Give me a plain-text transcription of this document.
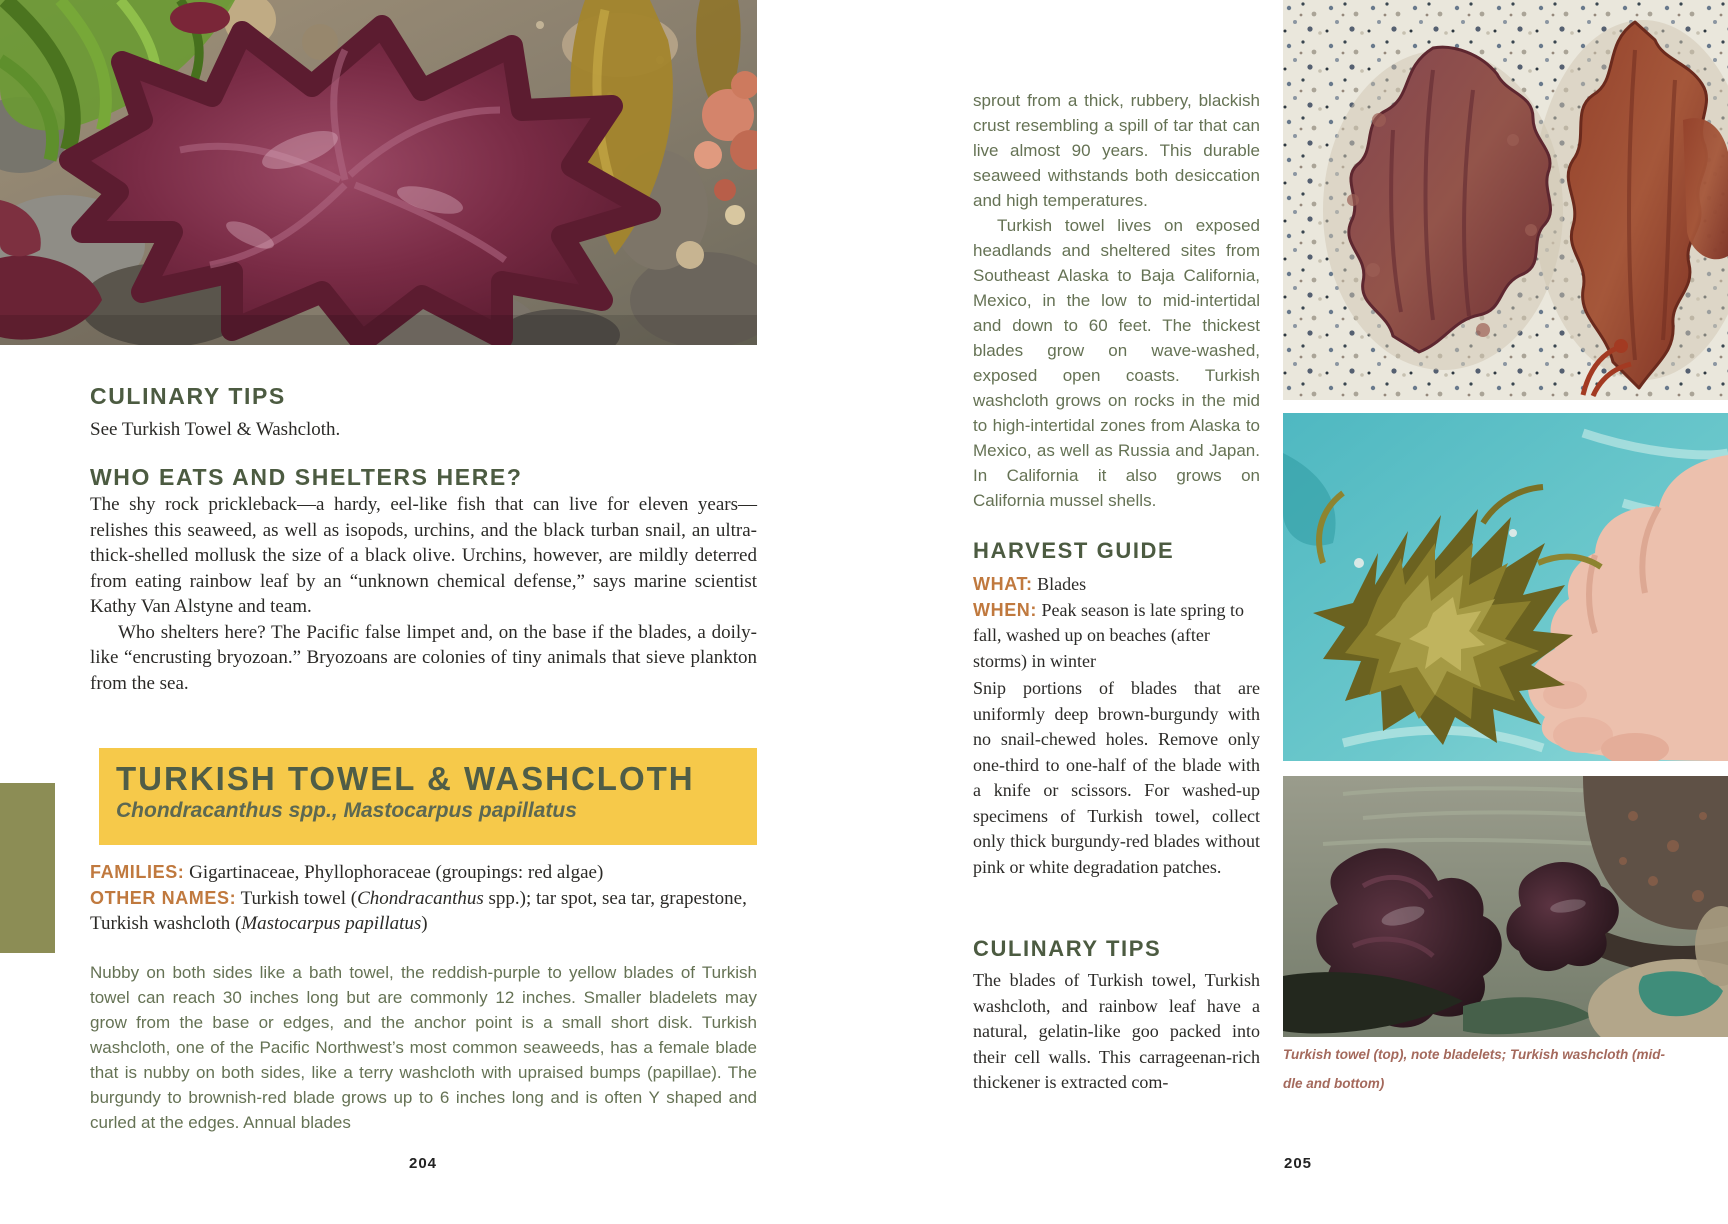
CULINARY TIPS
See Turkish Towel & Washcloth.
WHO EATS AND SHELTERS HERE?

The shy rock prickleback—a hardy, eel-like fish that can live for eleven years—relishes this seaweed, as well as isopods, urchins, and the black turban snail, an ultra-thick-shelled mollusk the size of a black olive. Urchins, however, are mildly deterred from eating rainbow leaf by an “unknown chemical defense,” says marine scientist Kathy Van Alstyne and team.

Who shelters here? The Pacific false limpet and, on the base if the blades, a doily-like “encrusting bryozoan.” Bryozoans are colonies of tiny animals that sieve plankton from the sea.

TURKISH TOWEL & WASHCLOTH
Chondracanthus spp., Mastocarpus papillatus

FAMILIES: Gigartinaceae, Phyllophoraceae (groupings: red algae)

OTHER NAMES: Turkish towel (Chondracanthus spp.); tar spot, sea tar, grapestone, Turkish washcloth (Mastocarpus papillatus)

Nubby on both sides like a bath towel, the reddish-purple to yellow blades of Turkish towel can reach 30 inches long but are commonly 12 inches. Smaller bladelets may grow from the base or edges, and the anchor point is a small short disk. Turkish washcloth, one of the Pacific Northwest’s most common seaweeds, has a female blade that is nubby on both sides, like a terry washcloth with upraised bumps (papillae). The burgundy to brownish-red blade grows up to 6 inches long and is often Y shaped and curled at the edges. Annual blades
204

sprout from a thick, rubbery, blackish crust resembling a spill of tar that can live almost 90 years. This durable seaweed withstands both desiccation and high temperatures.

Turkish towel lives on exposed headlands and sheltered sites from Southeast Alaska to Baja California, Mexico, in the low to mid-intertidal and down to 60 feet. The thickest blades grow on wave-washed, exposed open coasts. Turkish washcloth grows on rocks in the mid to high-intertidal zones from Alaska to Mexico, as well as Russia and Japan. In California it also grows on California mussel shells.

HARVEST GUIDE

WHAT: Blades

WHEN: Peak season is late spring to fall, washed up on beaches (after storms) in winter

Snip portions of blades that are uniformly deep brown-burgundy with no snail-chewed holes. Remove only one-third to one-half of the blade with a knife or scissors. For washed-up specimens of Turkish towel, collect only thick burgundy-red blades without pink or white degradation patches.
CULINARY TIPS
The blades of Turkish towel, Turkish washcloth, and rainbow leaf have a natural, gelatin-like goo packed into their cell walls. This carrageenan-rich thickener is extracted com-
Turkish towel (top), note bladelets; Turkish washcloth (mid-
dle and bottom)
205
